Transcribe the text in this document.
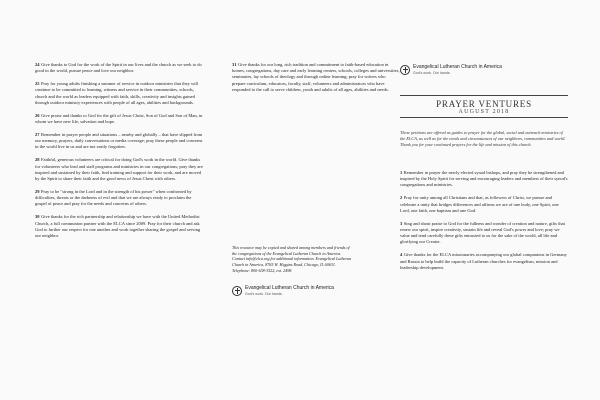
24 Give thanks to God for the work of the Spirit in our lives and the church as we seek to do good in the world, pursue peace and love our neighbor.

25 Pray for young adults finishing a summer of service in outdoor ministries that they will continue to be committed to learning, witness and service in their communities, schools, church and the world as leaders equipped with faith, skills, creativity and insights gained through outdoor ministry experiences with people of all ages, abilities and backgrounds.

26 Give praise and thanks to God for the gift of Jesus Christ, Son of God and Son of Man, in whom we have new life, salvation and hope.

27 Remember in prayer people and situations – nearby and globally – that have slipped from our memory, prayers, daily conversations or media coverage; pray these people and concerns in the world live in us and are not easily forgotten.

28 Faithful, generous volunteers are critical for doing God's work in the world. Give thanks for volunteers who lead and staff programs and ministries in our congregations; pray they are inspired and sustained by their faith, find training and support for their work, and are moved by the Spirit to share their faith and the good news of Jesus Christ with others.

29 Pray to be "strong in the Lord and in the strength of his power" when confronted by difficulties, threats or the darkness of evil and that we are always ready to proclaim the gospel of peace and pray for the needs and concerns of others.

30 Give thanks for the rich partnership and relationship we have with the United Methodist Church, a full communion partner with the ELCA since 2009. Pray for their church and ask God to further our respect for one another and work together sharing the gospel and serving our neighbor.

31 Give thanks for our long, rich tradition and commitment to faith-based education in homes, congregations, day care and early learning centers, schools, colleges and universities, seminaries, lay schools of theology and through online learning; pray for writers who prepare curriculum, educators, faculty, staff, volunteers and administrators who have responded to the call to serve children, youth and adults of all ages, abilities and needs.

This resource may be copied and shared among members and friends of the congregations of the Evangelical Lutheran Church in America. Contact info@elca.org for additional information. Evangelical Lutheran Church in America, 8765 W. Higgins Road, Chicago, IL 60631. Telephone: 800-638-3522, ext. 2498.
Evangelical Lutheran Church in America
God's work. Our hands.
Evangelical Lutheran Church in America
God's work. Our hands.
PRAYER VENTURES
AUGUST 2018
These petitions are offered as guides to prayer for the global, social and outreach ministries of the ELCA, as well as for the needs and circumstances of our neighbors, communities and world. Thank you for your continued prayers for the life and mission of this church.

1 Remember in prayer the newly elected synod bishops, and pray they be strengthened and inspired by the Holy Spirit for serving and encouraging leaders and members of their synod's congregations and ministries.

2 Pray for unity among all Christians and that, as followers of Christ, we pursue and celebrate a unity that bridges differences and affirms we are of one body, one Spirit, one Lord, one faith, one baptism and one God.

3 Sing and shout praise to God for the fullness and wonder of creation and nature, gifts that renew our spirit, inspire creativity, sustain life and reveal God's power and love; pray we value and tend carefully these gifts entrusted to us for the sake of the world, all life and glorifying our Creator.

4 Give thanks for the ELCA missionaries accompanying our global companions in Germany and Russia to help build the capacity of Lutheran churches for evangelism, mission and leadership development.
